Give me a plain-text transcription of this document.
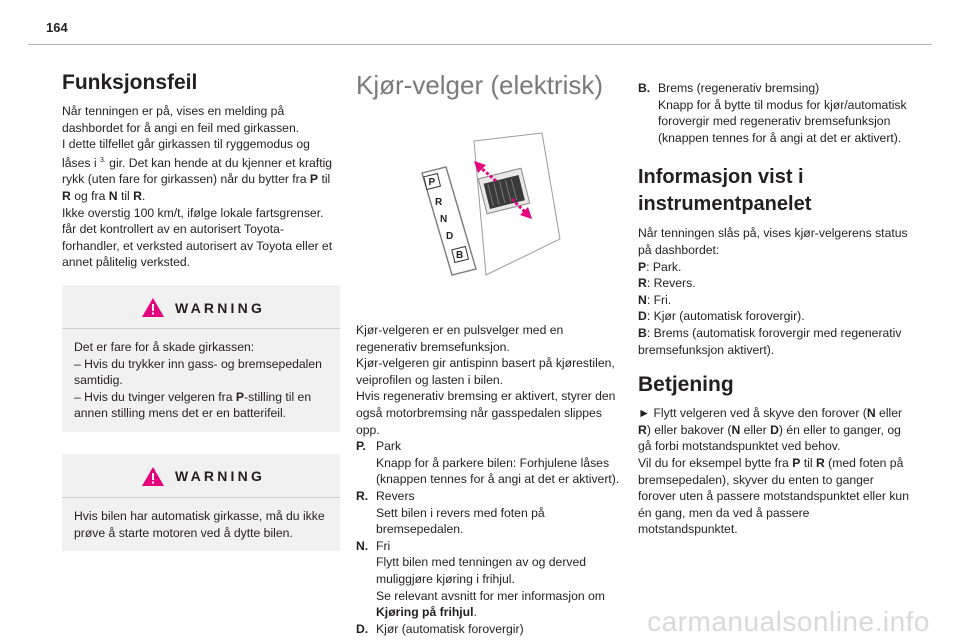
164
Funksjonsfeil

Når tenningen er på, vises en melding på dashbordet for å angi en feil med girkassen.
I dette tilfellet går girkassen til ryggemodus og låses i $^{3.}$ gir. Det kan hende at du kjenner et kraftig rykk (uten fare for girkassen) når du bytter fra P til R og fra N til R.
Ikke overstig 100 km/t, ifølge lokale fartsgrenser.
får det kontrollert av en autorisert Toyota-forhandler, et verksted autorisert av Toyota eller et annet pålitelig verksted.

WARNING

Det er fare for å skade girkassen:
– Hvis du trykker inn gass- og bremsepedalen samtidig.
– Hvis du tvinger velgeren fra P-stilling til en annen stilling mens det er en batterifeil.

WARNING

Hvis bilen har automatisk girkasse, må du ikke prøve å starte motoren ved å dytte bilen.

Kjør-velger (elektrisk)
P
R
N
D
B

Kjør-velgeren er en pulsvelger med en regenerativ bremsefunksjon.

Kjør-velgeren gir antispinn basert på kjørestilen, veiprofilen og lasten i bilen.

Hvis regenerativ bremsing er aktivert, styrer den også motorbremsing når gasspedalen slippes opp.

P. Park
Knapp for å parkere bilen: Forhjulene låses (knappen tennes for å angi at det er aktivert).
R. Revers
Sett bilen i revers med foten på bremsepedalen.
N. Fri
Flytt bilen med tenningen av og derved muliggjøre kjøring i frihjul.
Se relevant avsnitt for mer informasjon om
Kjøring på frihjul.
D. Kjør (automatisk forovergir)
B. Brems (regenerativ bremsing)
Knapp for å bytte til modus for kjør/automatisk forovergir med regenerativ bremsefunksjon (knappen tennes for å angi at det er aktivert).
Informasjon vist i instrumentpanelet

Når tenningen slås på, vises kjør-velgerens status på dashbordet:

P: Park.

R: Revers.

N: Fri.

D: Kjør (automatisk forovergir).

B: Brems (automatisk forovergir med regenerativ bremsefunksjon aktivert).

Betjening

► Flytt velgeren ved å skyve den forover (N eller R) eller bakover (N eller D) én eller to ganger, og gå forbi motstandspunktet ved behov.
Vil du for eksempel bytte fra P til R (med foten på bremsepedalen), skyver du enten to ganger forover uten å passere motstandspunktet eller kun én gang, men da ved å passere motstandspunktet.

carmanualsonline.info
